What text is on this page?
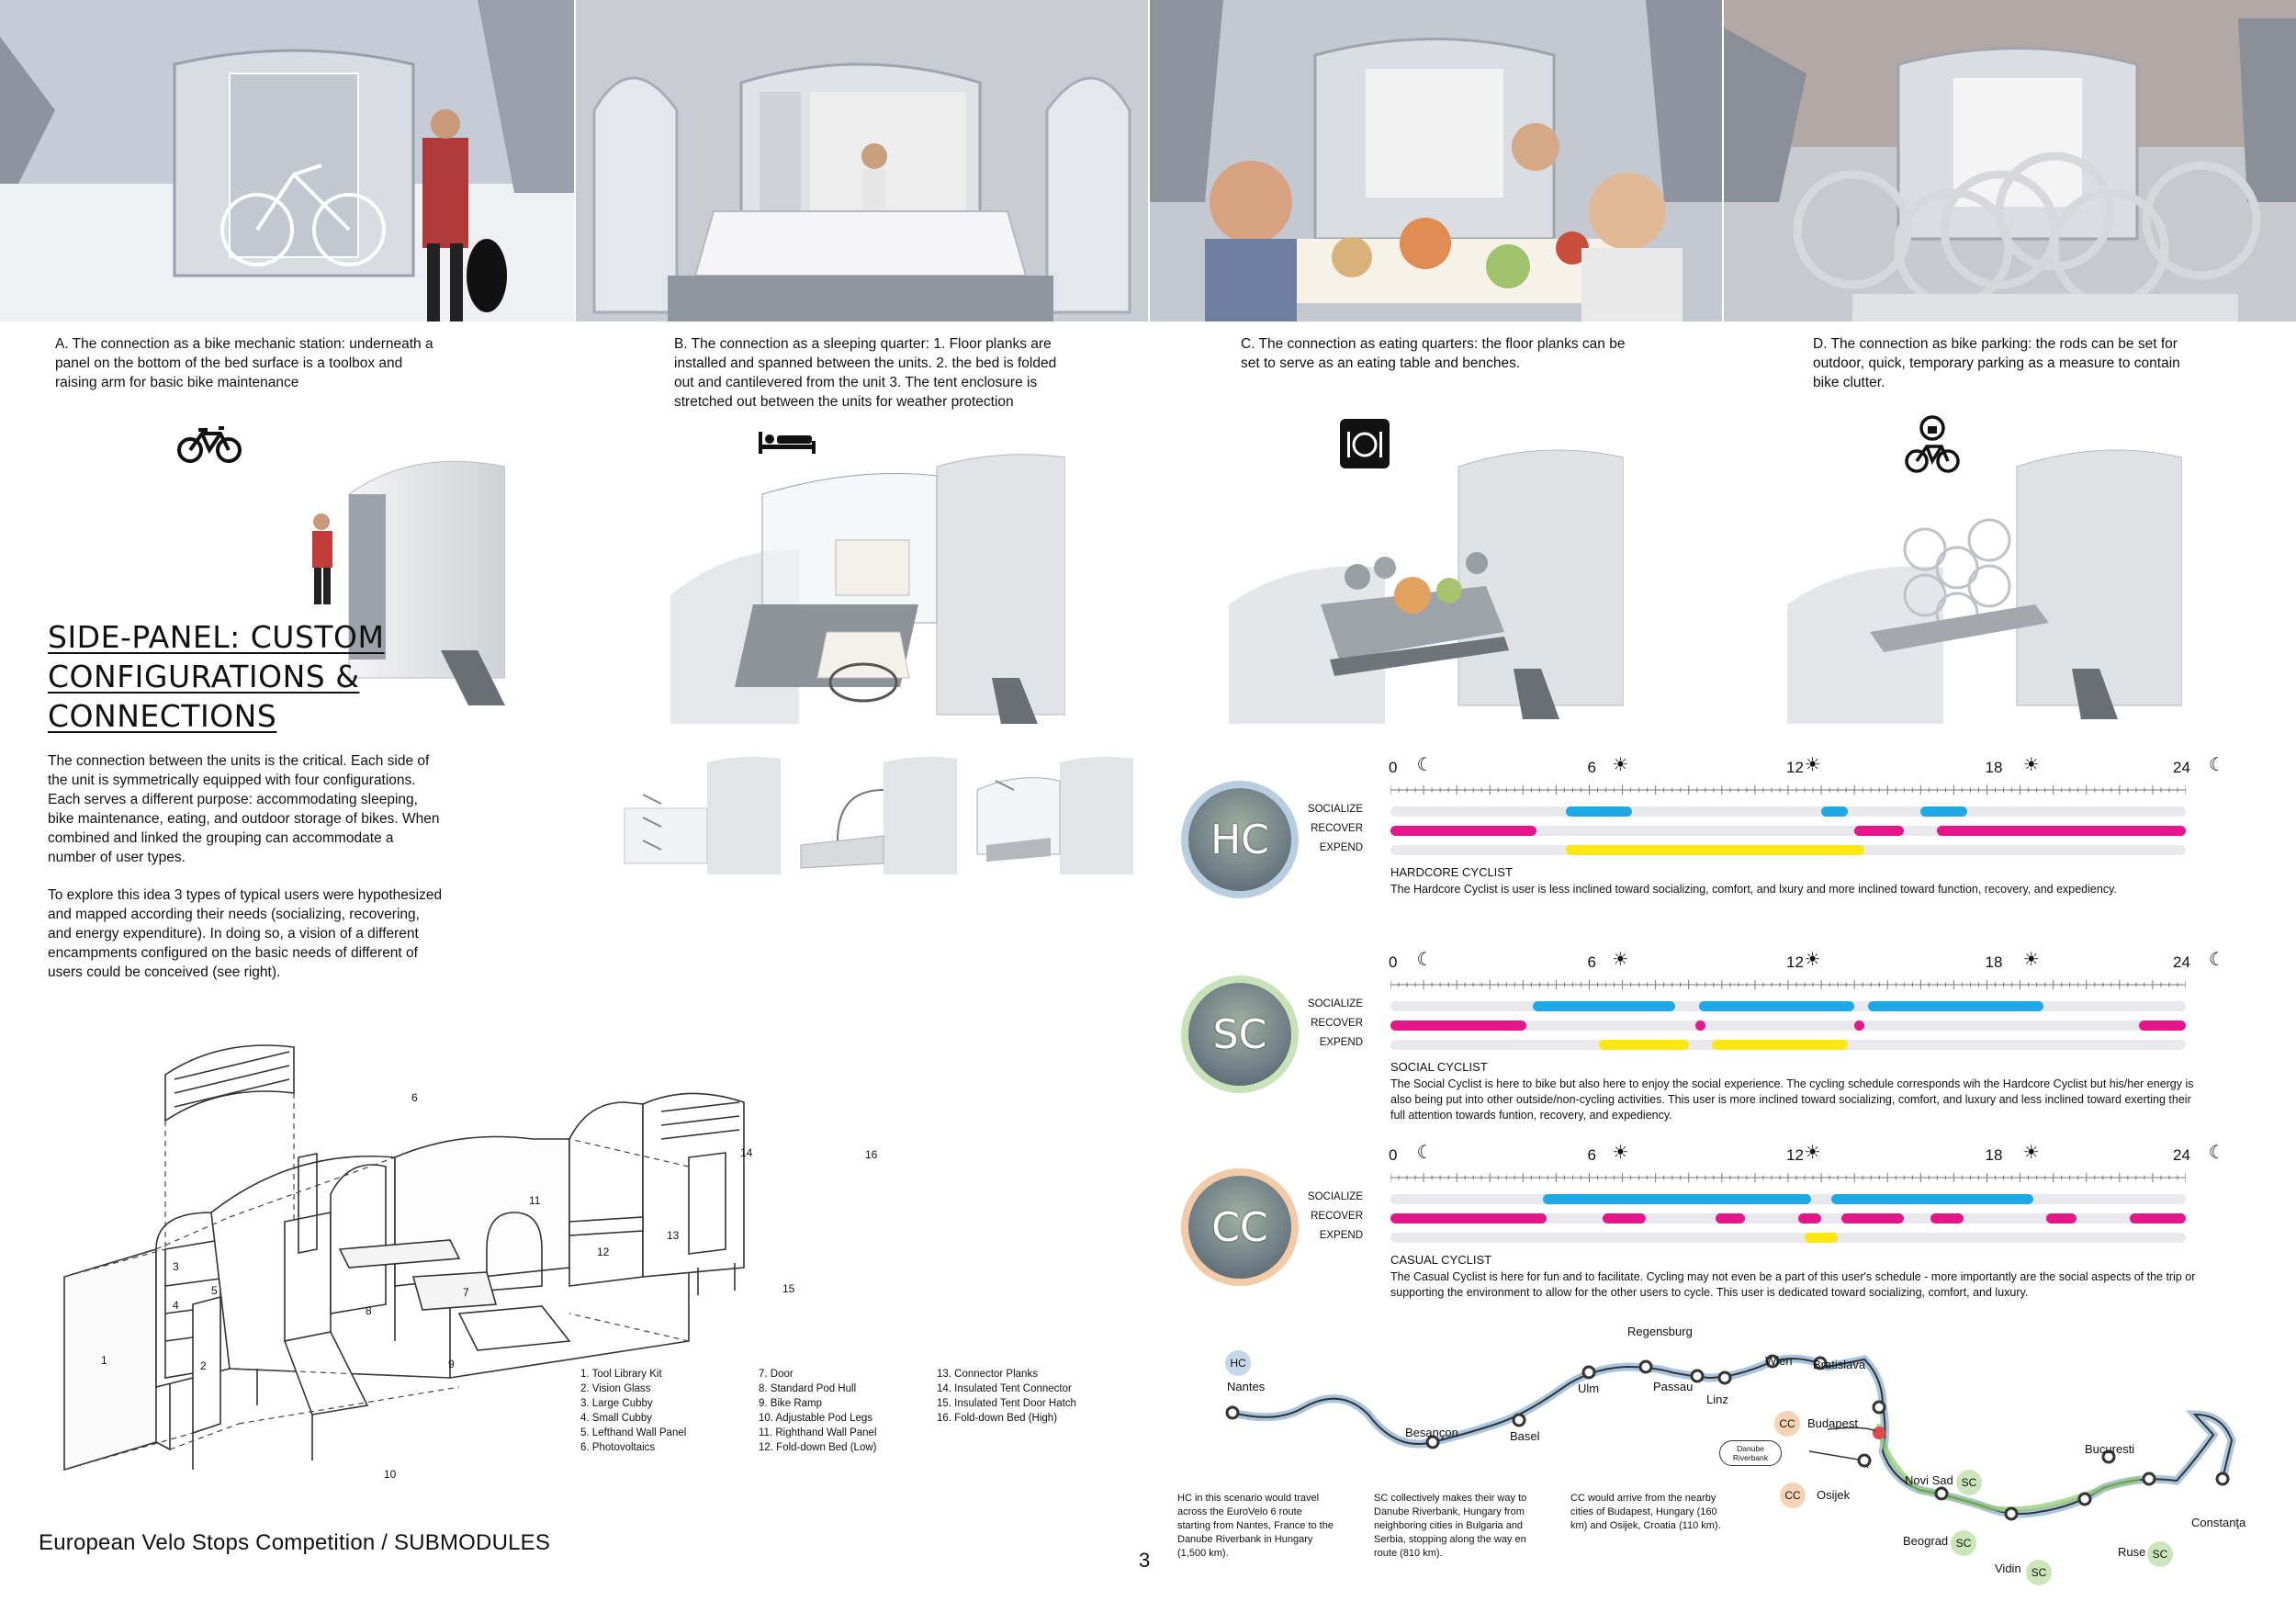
A. The connection as a bike mechanic station: underneath a panel on the bottom of the bed surface is a toolbox and raising arm for basic bike maintenance
B. The connection as a sleeping quarter: 1. Floor planks are installed and spanned between the units. 2. the bed is folded out and cantilevered from the unit 3. The tent enclosure is stretched out between the units for weather protection
C. The connection as eating quarters: the floor planks can be set to serve as an eating table and benches.
D. The connection as bike parking: the rods can be set for outdoor, quick, temporary parking as a measure to contain bike clutter.
SIDE-PANEL: CUSTOM
CONFIGURATIONS &
CONNECTIONS
The connection between the units is the critical. Each side of the unit is symmetrically equipped with four configurations. Each serves a different purpose: accommodating sleeping, bike maintenance, eating, and outdoor storage of bikes. When combined and linked the grouping can accommodate a number of user types.
To explore this idea 3 types of typical users were hypothesized and mapped according their needs (socializing, recovering, and energy expenditure). In doing so, a vision of a different encampments configured on the basic needs of different of users could be conceived (see right).
1	2
3
4
5
6
7
8
9
10
11
12
13
14
15
16
1. Tool Library Kit
2. Vision Glass
3. Large Cubby
4. Small Cubby
5. Lefthand Wall Panel
6. Photovoltaics
7. Door
8. Standard Pod Hull
9. Bike Ramp
10. Adjustable Pod Legs
11. Righthand Wall Panel
12. Fold-down Bed (Low)
13. Connector Planks
14. Insulated Tent Connector
15. Insulated Tent Door Hatch
16. Fold-down Bed (High)
European Velo Stops Competition / SUBMODULES
3
0	6	12	18	24
☾	☀	☀	☀	☾
HC
SOCIALIZE
RECOVER
EXPEND
HARDCORE CYCLIST
The Hardcore Cyclist is user is less inclined toward socializing, comfort, and lxury and more inclined toward function, recovery, and expediency.
0	6	12	18	24
☾	☀	☀	☀	☾
SC
SOCIALIZE
RECOVER
EXPEND
SOCIAL CYCLIST
The Social Cyclist is here to bike but also here to enjoy the social experience. The cycling schedule corresponds wih the Hardcore Cyclist but his/her energy is also being put into other outside/non-cycling activities. This user is more inclined toward socializing, comfort, and luxury and less inclined toward exerting their full attention towards funtion, recovery, and expediency.
0	6	12	18	24
☾	☀	☀	☀	☾
CC
SOCIALIZE
RECOVER
EXPEND
CASUAL CYCLIST
The Casual Cyclist is here for fun and to facilitate. Cycling may not even be a part of this user's schedule - more importantly are the social aspects of the trip or supporting the environment to allow for the other users to cycle. This user is dedicated toward socializing, comfort, and luxury.
Nantes
Besançon	Basel
Ulm
Regensburg
Passau
Linz
Wien Bratislava
Budapest
Osijek
Novi Sad
Beograd
Vidin
Ruse
Bucuresti
Constanţa
Danube
Riverbank
HC
CC
CC
SC
SC
SC
SC
HC in this scenario would travel across the EuroVelo 6 route starting from Nantes, France to the Danube Riverbank in Hungary (1,500 km).
SC collectively makes their way to Danube Riverbank, Hungary from neighboring cities in Bulgaria and Serbia, stopping along the way en route (810 km).
CC would arrive from the nearby cities of Budapest, Hungary (160 km) and Osijek, Croatia (110 km).
